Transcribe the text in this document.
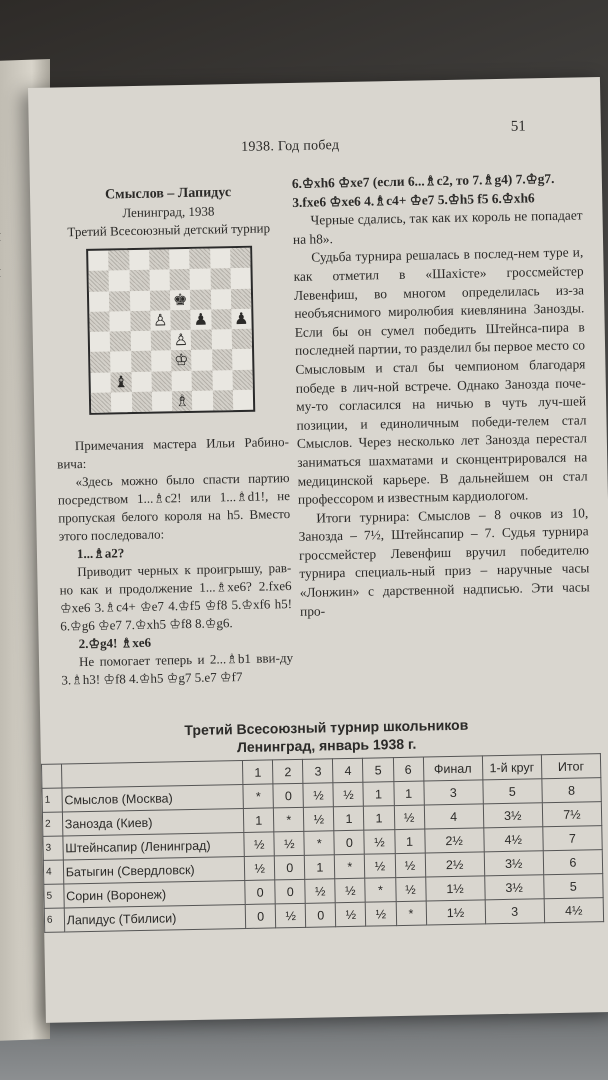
1938. Год побед
51
Смыслов – Лапидус
Ленинград, 1938
Третий Всесоюзный детский турнир
♚
♙ ♟ ♟
♙
♔
♝
♗

Примечания мастера Ильи Рабино-вича:

«Здесь можно было спасти партию посредством 1...♗c2! или 1...♗d1!, не пропуская белого короля на h5. Вместо этого последовало:

1...♗a2?

Приводит черных к проигрышу, рав-но как и продолжение 1...♗xe6? 2.fxe6 ♔xe6 3.♗c4+ ♔e7 4.♔f5 ♔f8 5.♔xf6 h5! 6.♔g6 ♔e7 7.♔xh5 ♔f8 8.♔g6.

2.♔g4! ♗xe6

Не помогает теперь и 2...♗b1 вви-ду 3.♗h3! ♔f8 4.♔h5 ♔g7 5.e7 ♔f7

6.♔xh6 ♔xe7 (если 6...♗c2, то 7.♗g4) 7.♔g7.

3.fxe6 ♔xe6 4.♗c4+ ♔e7 5.♔h5 f5 6.♔xh6

Черные сдались, так как их король не попадает на h8».

Судьба турнира решалась в послед-нем туре и, как отметил в «Шахісте» гроссмейстер Левенфиш, во многом определилась из-за необъяснимого миролюбия киевлянина Занозды. Если бы он сумел победить Штейнса-пира в последней партии, то разделил бы первое место со Смысловым и стал бы чемпионом благодаря победе в лич-ной встрече. Однако Занозда поче-му-то согласился на ничью в чуть луч-шей позиции, и единоличным победи-телем стал Смыслов. Через несколько лет Занозда перестал заниматься шахматами и сконцентрировался на медицинской карьере. В дальнейшем он стал профессором и известным кардиологом.

Итоги турнира: Смыслов – 8 очков из 10, Занозда – 7½, Штейнсапир – 7. Судья турнира гроссмейстер Левенфиш вручил победителю турнира специаль-ный приз – наручные часы «Лонжин» с дарственной надписью. Эти часы про-

Третий Всесоюзный турнир школьников
Ленинград, январь 1938 г.
		1	2	3	4	5	6	Финал	1-й круг	Итог
1	Смыслов (Москва)	*	0	½	½	1	1	3	5	8
2	Занозда (Киев)	1	*	½	1	1	½	4	3½	7½
3	Штейнсапир (Ленинград)	½	½	*	0	½	1	2½	4½	7
4	Батыгин (Свердловск)	½	0	1	*	½	½	2½	3½	6
5	Сорин (Воронеж)	0	0	½	½	*	½	1½	3½	5
6	Лапидус (Тбилиси)	0	½	0	½	½	*	1½	3	4½
